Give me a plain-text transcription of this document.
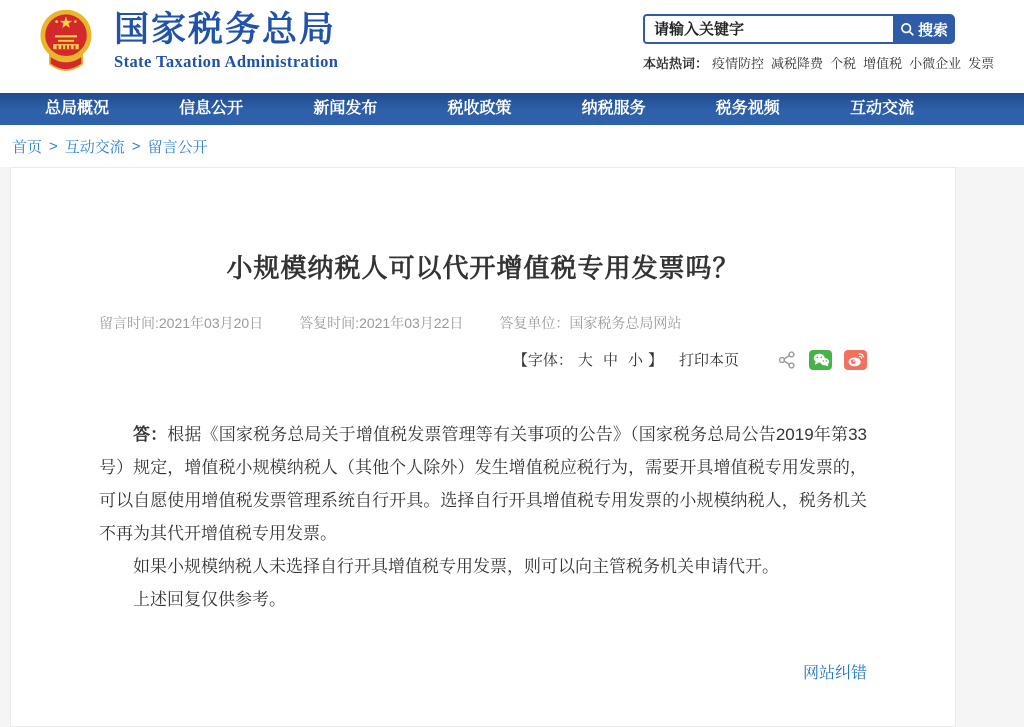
国家税务总局
State Taxation Administration
请输入关键字
搜索
本站热词： 疫情防控 减税降费 个税 增值税 小微企业 发票
总局概况	信息公开	新闻发布	税收政策	纳税服务	税务视频	互动交流
首页 > 互动交流 > 留言公开
小规模纳税人可以代开增值税专用发票吗？
留言时间:2021年03月20日	答复时间:2021年03月22日	答复单位：国家税务总局网站
【字体： 大 中 小 】 打印本页

答：根据《国家税务总局关于增值税发票管理等有关事项的公告》（国家税务总局公告2019年第33号）规定，增值税小规模纳税人（其他个人除外）发生增值税应税行为，需要开具增值税专用发票的，可以自愿使用增值税发票管理系统自行开具。选择自行开具增值税专用发票的小规模纳税人，税务机关不再为其代开增值税专用发票。

如果小规模纳税人未选择自行开具增值税专用发票，则可以向主管税务机关申请代开。

上述回复仅供参考。

网站纠错
